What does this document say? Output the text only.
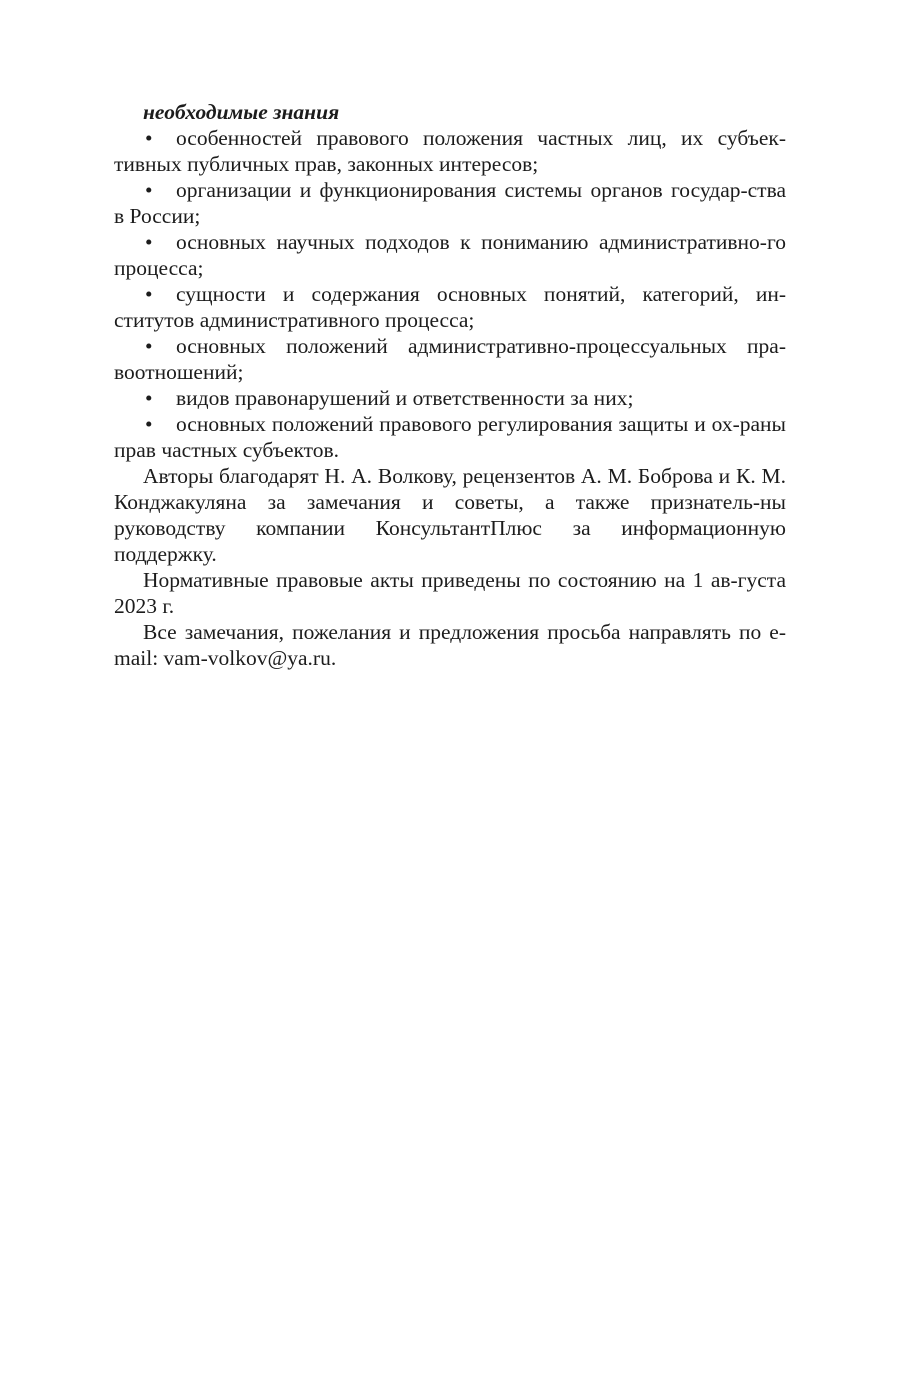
необходимые знания
• особенностей правового положения частных лиц, их субъек-тивных публичных прав, законных интересов;
• организации и функционирования системы органов государ-ства в России;
• основных научных подходов к пониманию административно-го процесса;
• сущности и содержания основных понятий, категорий, ин-ститутов административного процесса;
• основных положений административно-процессуальных пра-воотношений;
• видов правонарушений и ответственности за них;
• основных положений правового регулирования защиты и ох-раны прав частных субъектов.

Авторы благодарят Н. А. Волкову, рецензентов А. М. Боброва и К. М. Конджакуляна за замечания и советы, а также признатель-ны руководству компании КонсультантПлюс за информационную поддержку.

Нормативные правовые акты приведены по состоянию на 1 ав-густа 2023 г.

Все замечания, пожелания и предложения просьба направлять по e-mail: vam-volkov@ya.ru.
